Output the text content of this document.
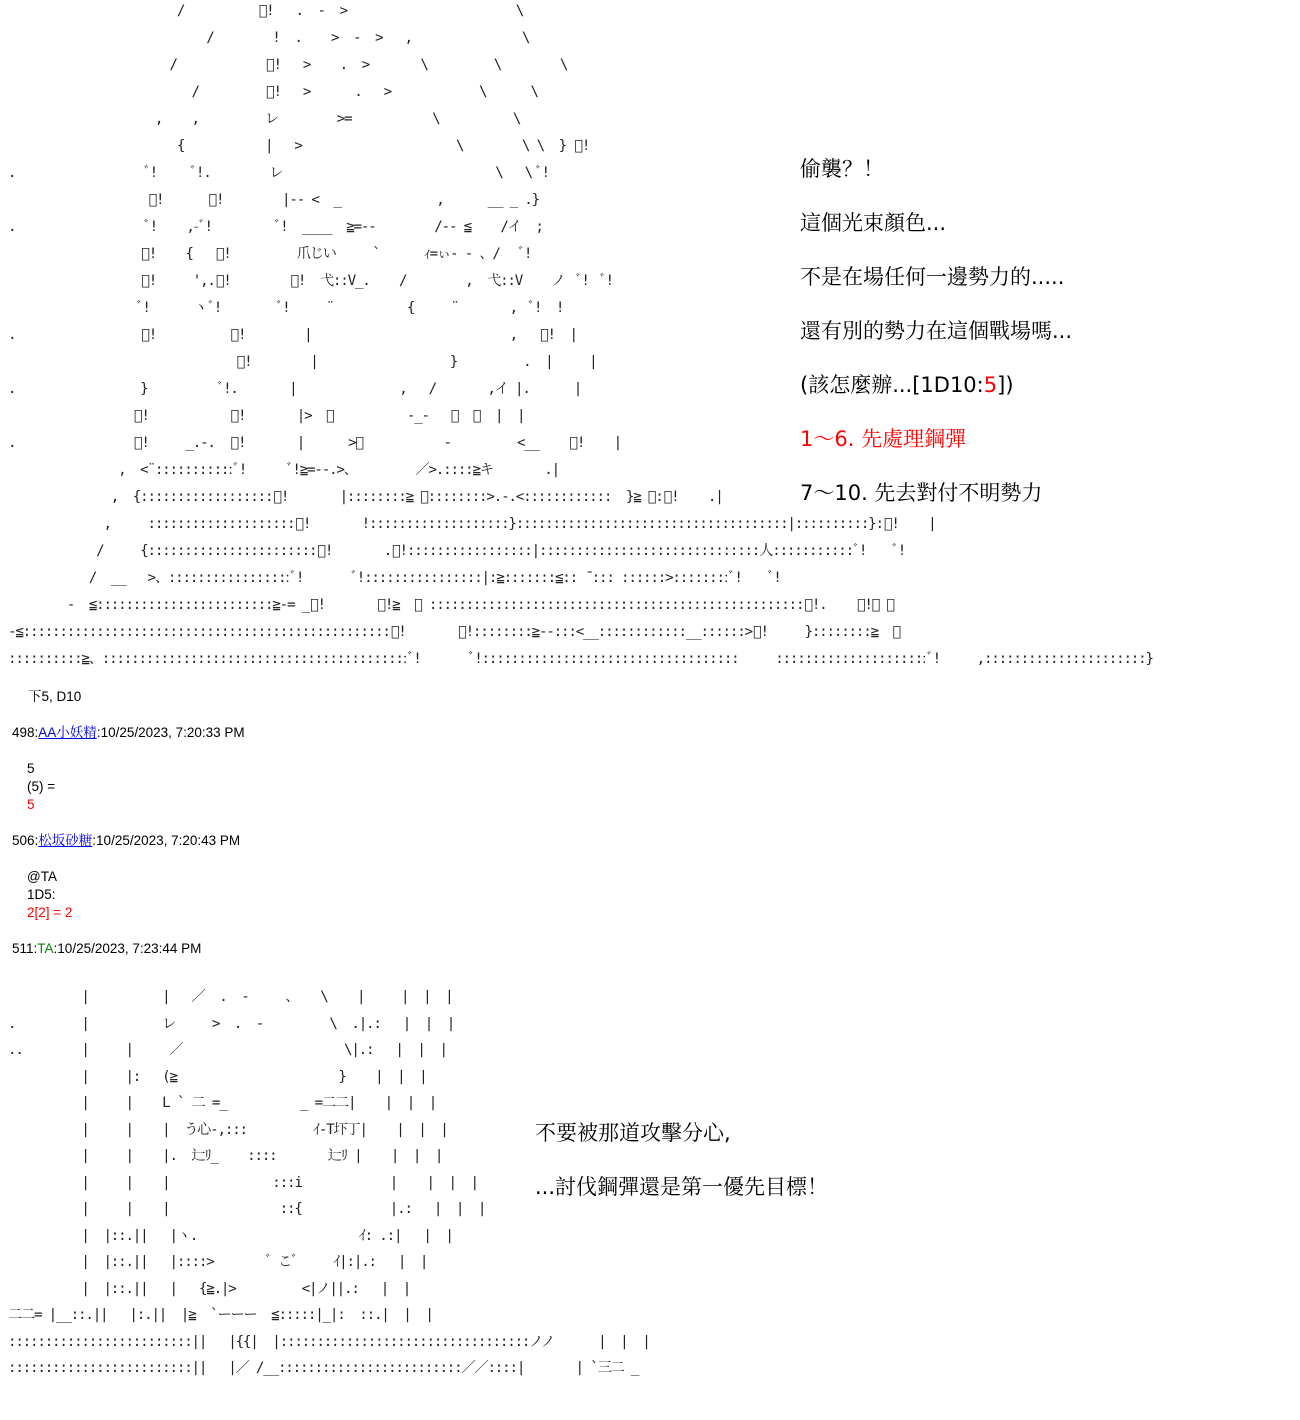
/          ﾞ!   .  -  >                       \
/        !  .    >  -  >   ,               \
/            ﾞ!   >    .  >       \         \        \
/         ﾞ!   >      .   >            \      \
,    ,         レ        >=           \          \
{           |   >                     \        \ \  } ﾞ!
.                  ﾞ!     ﾞ!.        レ                             \   \ ﾞ!
ﾞ!      ﾞ!        |-- <  _             ,      __ _ .}
.                  ﾞ!    ,-ﾞ!         ﾞ!  ____  ≧=--        /-- ≦    /イ  ;
ﾞ!    {   ﾞ!         爪じい     `      ｨ=ぃ- - 、/   ﾞ!
ﾞ!     ',.ﾞ!        ﾞ!  弋::V_.    /        ,  弋::V    ノ  ﾞ!  ﾞ!
ﾞ!      ヽﾞ!        ﾞ!     ¨          {     ¨       ,  ﾞ!  !
.                 ﾞ!          ﾞ!        |                           ,   ﾞ!  |
ﾞ!        |                  }         .  |     |
.                 }          ﾞ!.       |              ,   /       ,イ |.      |
ﾞ!           ﾞ!       |>  、          -_-   、  ／  |  |
.                ﾞ!     _.-.  ﾞ!       |      >、           -         <__    ﾞ!    |
,  <¨:::::::::::ﾞ!      ﾞ!≧=--.>、        ／>.::::≧キ       .|
,  {::::::::::::::::::ﾞ!       |::::::::≧ 、::::::::>.-.<::::::::::::  }≧ 、:ﾞ!    .|
,     ::::::::::::::::::::ﾞ!       !:::::::::::::::::::}:::::::::::::::::::::::::::::::::::::|::::::::::}:ﾞ!    |
/     {:::::::::::::::::::::::ﾞ!       .ﾞ!:::::::::::::::::|::::::::::::::::::::::::::::::人:::::::::::ﾞ!    ﾞ!
/  __   >、:::::::::::::::::ﾞ!       ﾞ!::::::::::::::::|:≧:::::::≦:: ̄ ::: ::::::>::::::::ﾞ!    ﾞ!
-  ≦::::::::::::::::::::::::≧-= _ﾞ!       ﾞ!≧  、 :::::::::::::::::::::::::::::::::::::::::::::::::::ﾞ!.    ﾞ!ー 、
-≦::::::::::::::::::::::::::::::::::::::::::::::::::ﾞ!       ﾞ!::::::::≧--:::<__::::::::::::__::::::>ﾞ!     }::::::::≧  、
::::::::::≧、::::::::::::::::::::::::::::::::::::::::::ﾞ!       ﾞ!:::::::::::::::::::::::::::::::::::     :::::::::::::::::::::ﾞ!     ,::::::::::::::::::::::}
偷襲？！
這個光束顏色...
不是在場任何一邊勢力的.....
還有別的勢力在這個戰場嗎...
(該怎麼辦...[1D10:5])
1～6. 先處理鋼彈
7～10. 先去對付不明勢力
下5, D10
498:AA小妖精:10/25/2023, 7:20:33 PM
5
(5) =
5
506:松坂砂糖:10/25/2023, 7:20:43 PM
@TA
1D5:
2[2] = 2
511:TA:10/25/2023, 7:23:44 PM
|          |   ／  .  -     、   \    |     |  |  |
.         |          レ     >  .  -         \  .|.:   |  |  |
..        |     |     ／                      \|.:   |  |  |
|     |:   (≧                      }    |  |  |
|     |    L ` 二 =_          _ =二二|    |  |  |
|     |    |  う心-,:::         ｲ-T圷丁|    |  |  |
|     |    |.  辷ﾘ_    ::::       辷ﾘ |    |  |  |
|     |    |              :::i            |    |  |  |
|     |    |               ::{            |.:   |  |  |
|  |::.||   |ヽ.                      ｲ: .:|   |  |
|  |::.||   |::::>       ゛こ゛    ｲ|:|.:   |  |
|  |::.||   |   {≧.|>         <|ノ||.:   |  |
二二= |__::.||   |:.||  |≧  `ーーー  ≦:::::|_|:  ::.|  |  |
:::::::::::::::::::::::::||   |{{|  |::::::::::::::::::::::::::::::::::ノノ      |  |  |
:::::::::::::::::::::::::||   |／ /__:::::::::::::::::::::::::／／::::|       | `三二 _
不要被那道攻擊分心,
...討伐鋼彈還是第一優先目標！
